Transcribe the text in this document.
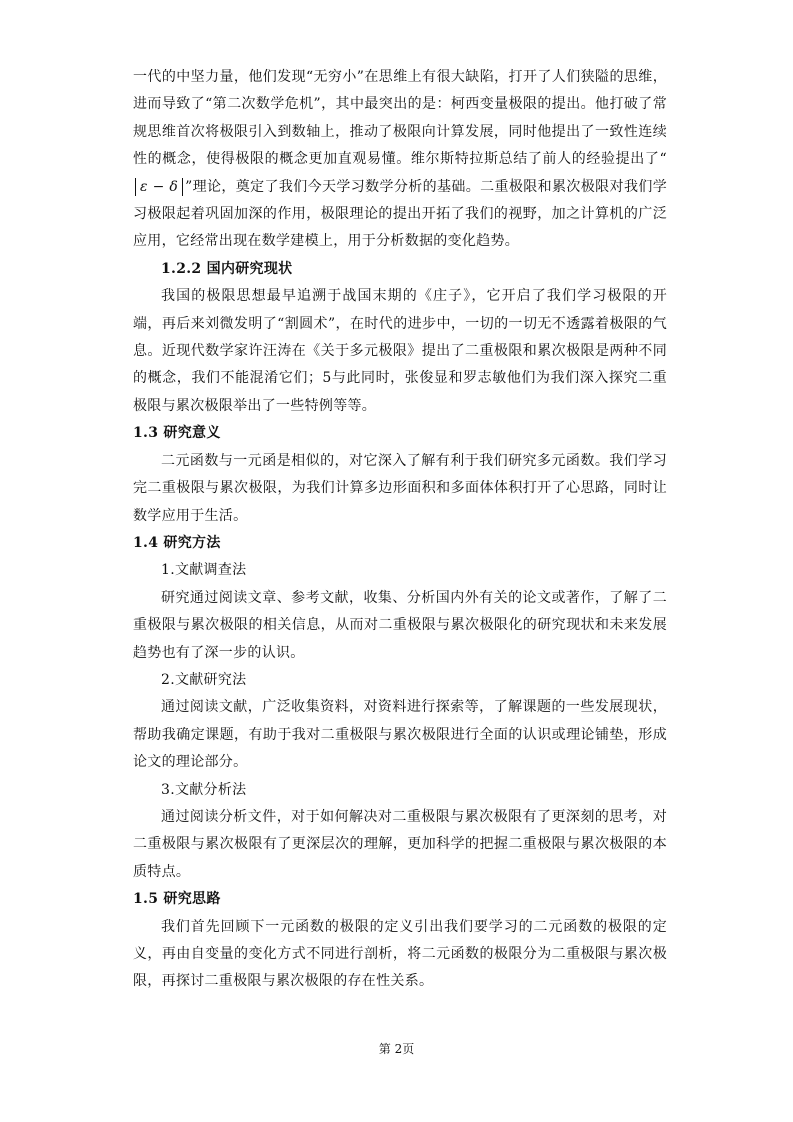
一代的中坚力量，他们发现“无穷小”在思维上有很大缺陷，打开了人们狭隘的思维，进而导致了“第二次数学危机”，其中最突出的是：柯西变量极限的提出。他打破了常规思维首次将极限引入到数轴上，推动了极限向计算发展，同时他提出了一致性连续性的概念，使得极限的概念更加直观易懂。维尔斯特拉斯总结了前人的经验提出了“ε − δ ”理论，奠定了我们今天学习数学分析的基础。二重极限和累次极限对我们学习极限起着巩固加深的作用，极限理论的提出开拓了我们的视野，加之计算机的广泛应用，它经常出现在数学建模上，用于分析数据的变化趋势。

1.2.2 国内研究现状

我国的极限思想最早追溯于战国末期的《庄子》，它开启了我们学习极限的开端，再后来刘微发明了“割圆术”，在时代的进步中，一切的一切无不透露着极限的气息。近现代数学家许汪涛在《关于多元极限》提出了二重极限和累次极限是两种不同的概念，我们不能混淆它们；5与此同时，张俊显和罗志敏他们为我们深入探究二重极限与累次极限举出了一些特例等等。

1.3 研究意义

二元函数与一元函是相似的，对它深入了解有利于我们研究多元函数。我们学习完二重极限与累次极限，为我们计算多边形面积和多面体体积打开了心思路，同时让数学应用于生活。

1.4 研究方法

1.文献调查法

研究通过阅读文章、参考文献，收集、分析国内外有关的论文或著作，了解了二重极限与累次极限的相关信息，从而对二重极限与累次极限化的研究现状和未来发展趋势也有了深一步的认识。

2.文献研究法

通过阅读文献，广泛收集资料，对资料进行探索等，了解课题的一些发展现状，帮助我确定课题，有助于我对二重极限与累次极限进行全面的认识或理论铺垫，形成论文的理论部分。

3.文献分析法

通过阅读分析文件，对于如何解决对二重极限与累次极限有了更深刻的思考，对二重极限与累次极限有了更深层次的理解，更加科学的把握二重极限与累次极限的本质特点。

1.5 研究思路

我们首先回顾下一元函数的极限的定义引出我们要学习的二元函数的极限的定义，再由自变量的变化方式不同进行剖析，将二元函数的极限分为二重极限与累次极限，再探讨二重极限与累次极限的存在性关系。

第 2页
